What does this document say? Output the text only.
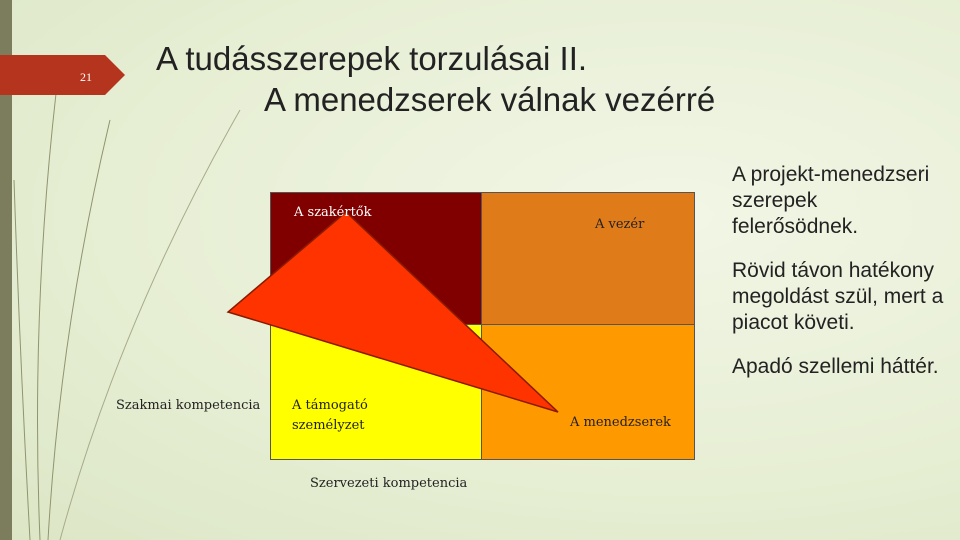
21 A tudásszerepek torzulásai II.
A menedzserek válnak vezérré
A szakértők
A vezér
A támogató személyzet	A menedzserek
Szakmai kompetencia
Szervezeti kompetencia

A projekt-menedzseri szerepek felerősödnek.

Rövid távon hatékony megoldást szül, mert a piacot követi.

Apadó szellemi háttér.
